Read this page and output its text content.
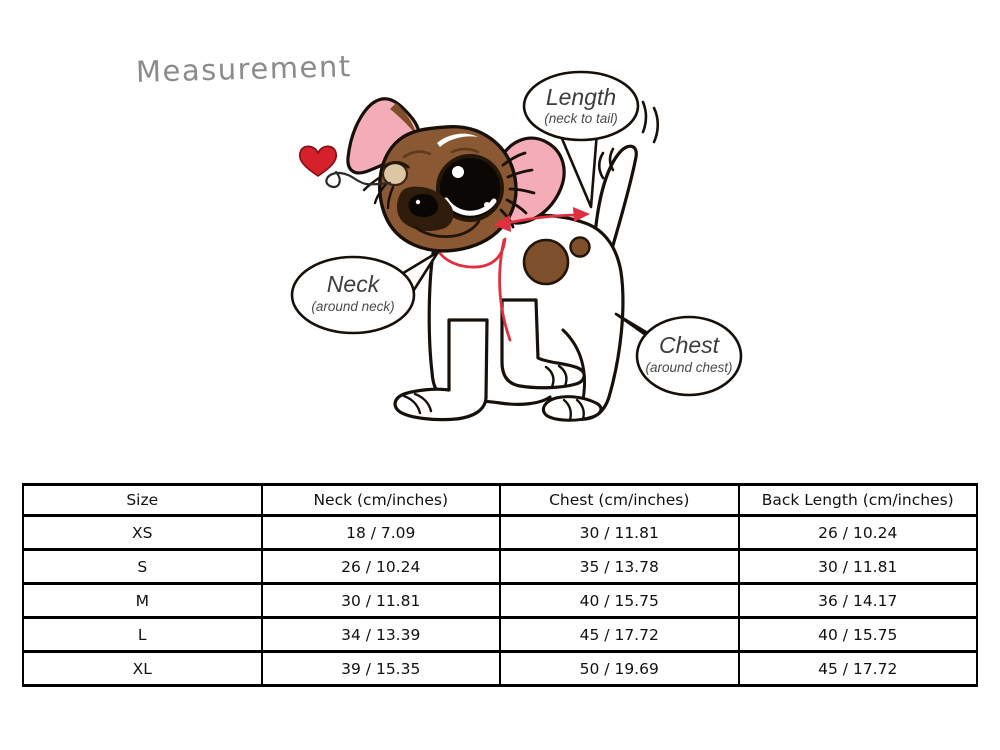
Measurement
Length
(neck to tail)
Neck
(around neck)
Chest
(around chest)
Size	Neck (cm/inches)	Chest (cm/inches)	Back Length (cm/inches)
XS	18 / 7.09	30 / 11.81	26 / 10.24
S	26 / 10.24	35 / 13.78	30 / 11.81
M	30 / 11.81	40 / 15.75	36 / 14.17
L	34 / 13.39	45 / 17.72	40 / 15.75
XL	39 / 15.35	50 / 19.69	45 / 17.72
